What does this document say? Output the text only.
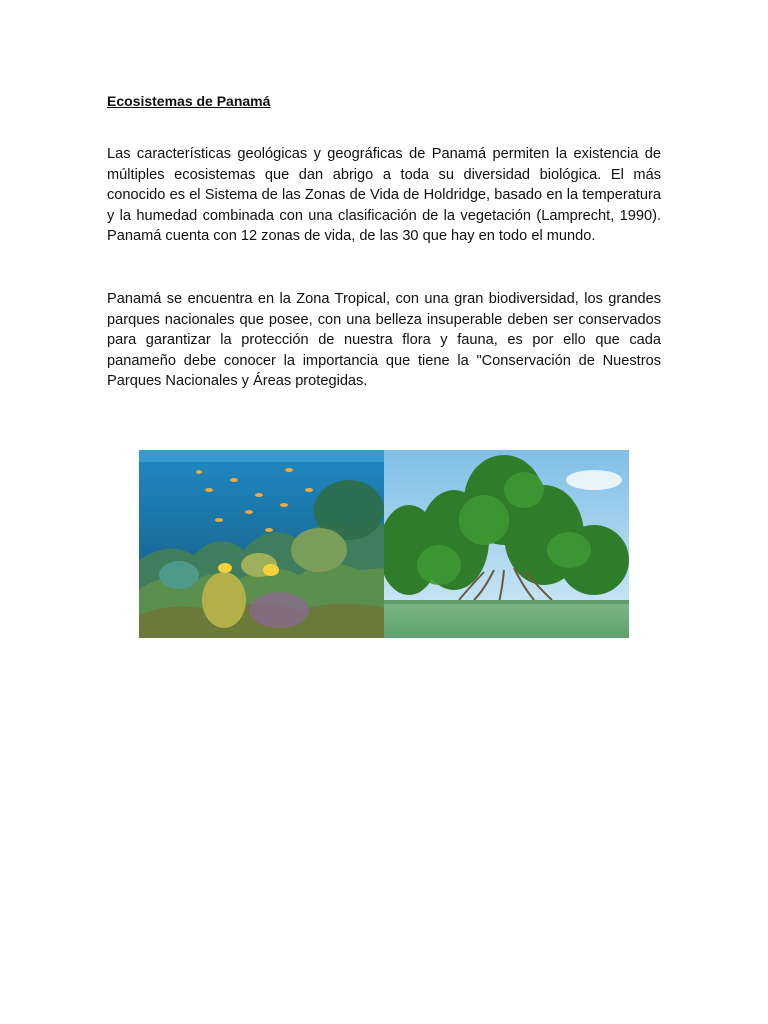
Ecosistemas de Panamá

Las características geológicas y geográficas de Panamá permiten la existencia de múltiples ecosistemas que dan abrigo a toda su diversidad biológica. El más conocido es el Sistema de las Zonas de Vida de Holdridge, basado en la temperatura y la humedad combinada con una clasificación de la vegetación (Lamprecht, 1990). Panamá cuenta con 12 zonas de vida, de las 30 que hay en todo el mundo.

Panamá se encuentra en la Zona Tropical, con una gran biodiversidad, los grandes parques nacionales que posee, con una belleza insuperable deben ser conservados para garantizar la protección de nuestra flora y fauna, es por ello que cada panameño debe conocer la importancia que tiene la "Conservación de Nuestros Parques Nacionales y Áreas protegidas.
